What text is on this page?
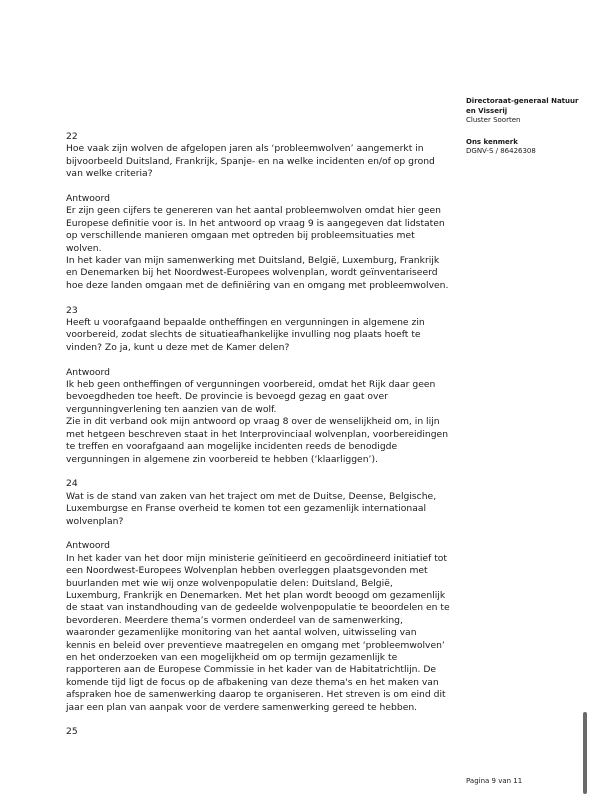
Directoraat-generaal Natuur
en Visserij
Cluster Soorten
Ons kenmerk
DGNV-S / 86426308

22

Hoe vaak zijn wolven de afgelopen jaren als ‘probleemwolven’ aangemerkt in

bijvoorbeeld Duitsland, Frankrijk, Spanje- en na welke incidenten en/of op grond

van welke criteria?

Antwoord

Er zijn geen cijfers te genereren van het aantal probleemwolven omdat hier geen

Europese definitie voor is. In het antwoord op vraag 9 is aangegeven dat lidstaten

op verschillende manieren omgaan met optreden bij probleemsituaties met

wolven.

In het kader van mijn samenwerking met Duitsland, België, Luxemburg, Frankrijk

en Denemarken bij het Noordwest-Europees wolvenplan, wordt geïnventariseerd

hoe deze landen omgaan met de definiëring van en omgang met probleemwolven.

23

Heeft u voorafgaand bepaalde ontheffingen en vergunningen in algemene zin

voorbereid, zodat slechts de situatieafhankelijke invulling nog plaats hoeft te

vinden? Zo ja, kunt u deze met de Kamer delen?

Antwoord

Ik heb geen ontheffingen of vergunningen voorbereid, omdat het Rijk daar geen

bevoegdheden toe heeft. De provincie is bevoegd gezag en gaat over

vergunningverlening ten aanzien van de wolf.

Zie in dit verband ook mijn antwoord op vraag 8 over de wenselijkheid om, in lijn

met hetgeen beschreven staat in het Interprovinciaal wolvenplan, voorbereidingen

te treffen en voorafgaand aan mogelijke incidenten reeds de benodigde

vergunningen in algemene zin voorbereid te hebben (‘klaarliggen’).

24

Wat is de stand van zaken van het traject om met de Duitse, Deense, Belgische,

Luxemburgse en Franse overheid te komen tot een gezamenlijk internationaal

wolvenplan?

Antwoord

In het kader van het door mijn ministerie geïnitieerd en gecoördineerd initiatief tot

een Noordwest-Europees Wolvenplan hebben overleggen plaatsgevonden met

buurlanden met wie wij onze wolvenpopulatie delen: Duitsland, België,

Luxemburg, Frankrijk en Denemarken. Met het plan wordt beoogd om gezamenlijk

de staat van instandhouding van de gedeelde wolvenpopulatie te beoordelen en te

bevorderen. Meerdere thema’s vormen onderdeel van de samenwerking,

waaronder gezamenlijke monitoring van het aantal wolven, uitwisseling van

kennis en beleid over preventieve maatregelen en omgang met ‘probleemwolven’

en het onderzoeken van een mogelijkheid om op termijn gezamenlijk te

rapporteren aan de Europese Commissie in het kader van de Habitatrichtlijn. De

komende tijd ligt de focus op de afbakening van deze thema's en het maken van

afspraken hoe de samenwerking daarop te organiseren. Het streven is om eind dit

jaar een plan van aanpak voor de verdere samenwerking gereed te hebben.

25

Pagina 9 van 11
